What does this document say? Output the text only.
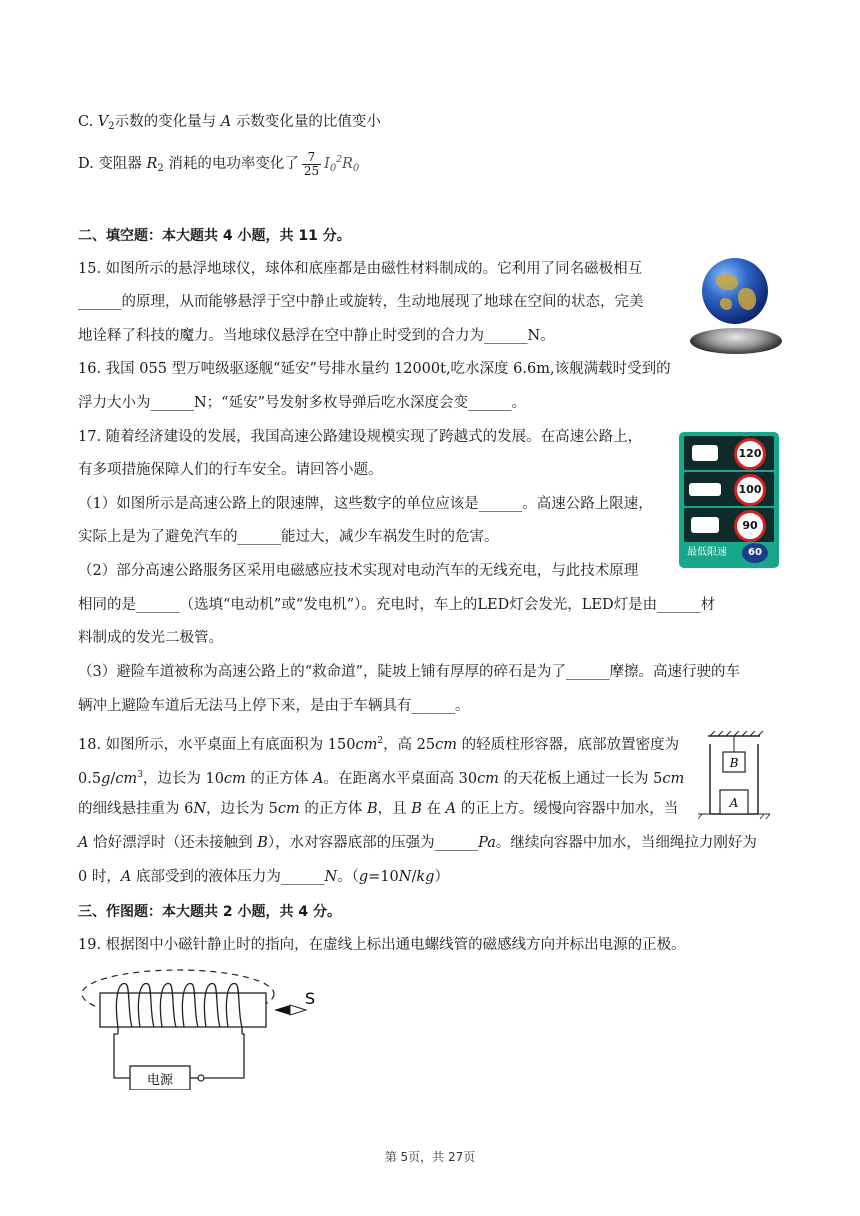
C. $V_2$示数的变化量与 A 示数变化量的比值变小
D. 变阻器 $R_2$ 消耗的电功率变化了 $\frac{7}{25} I_0^2R_0$
二、填空题：本大题共 4 小题，共 11 分。
15. 如图所示的悬浮地球仪，球体和底座都是由磁性材料制成的。它利用了同名磁极相互
______的原理，从而能够悬浮于空中静止或旋转，生动地展现了地球在空间的状态，完美
地诠释了科技的魔力。当地球仪悬浮在空中静止时受到的合力为______N。
16. 我国 055 型万吨级驱逐舰“延安”号排水量约 12000t,吃水深度 6.6m,该舰满载时受到的
浮力大小为______N；“延安”号发射多枚导弹后吃水深度会变______。
17. 随着经济建设的发展，我国高速公路建设规模实现了跨越式的发展。在高速公路上，
有多项措施保障人们的行车安全。请回答小题。
（1）如图所示是高速公路上的限速牌，这些数字的单位应该是______。高速公路上限速，
实际上是为了避免汽车的______能过大，减少车祸发生时的危害。
（2）部分高速公路服务区采用电磁感应技术实现对电动汽车的无线充电，与此技术原理
相同的是______（选填“电动机”或“发电机”）。充电时，车上的LED灯会发光，LED灯是由______材
料制成的发光二极管。
（3）避险车道被称为高速公路上的“救命道”，陡坡上铺有厚厚的碎石是为了______摩擦。高速行驶的车
辆冲上避险车道后无法马上停下来，是由于车辆具有______。
120
100
90
最低限速	60
18. 如图所示，水平桌面上有底面积为 $150cm^2$，高 25cm 的轻质柱形容器，底部放置密度为
$0.5g/cm^3$，边长为 10cm 的正方体 A。在距离水平桌面高 30cm 的天花板上通过一长为 5cm
的细线悬挂重为 6N，边长为 5cm 的正方体 B，且 B 在 A 的正上方。缓慢向容器中加水，当
A 恰好漂浮时（还未接触到 B），水对容器底部的压强为______Pa。继续向容器中加水，当细绳拉力刚好为
0 时，A 底部受到的液体压力为______N。（g=10N/kg）
B
A
三、作图题：本大题共 2 小题，共 4 分。
19. 根据图中小磁针静止时的指向，在虚线上标出通电螺线管的磁感线方向并标出电源的正极。
电源
S
第 5页，共 27页
